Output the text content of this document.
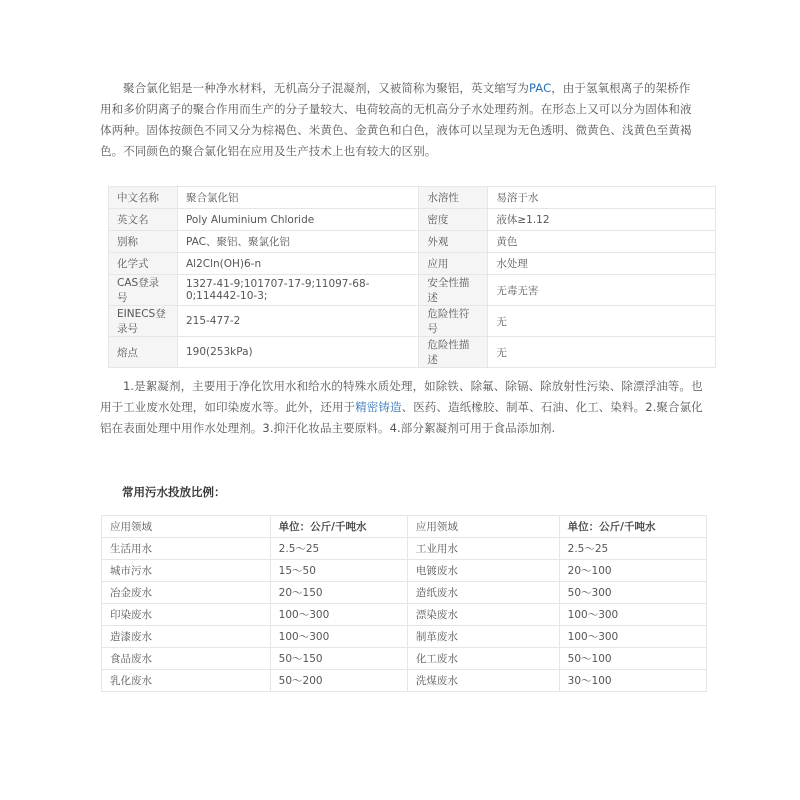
聚合氯化铝是一种净水材料，无机高分子混凝剂，又被简称为聚铝，英文缩写为PAC，由于氢氧根离子的架桥作用和多价阴离子的聚合作用而生产的分子量较大、电荷较高的无机高分子水处理药剂。在形态上又可以分为固体和液体两种。固体按颜色不同又分为棕褐色、米黄色、金黄色和白色，液体可以呈现为无色透明、微黄色、浅黄色至黄褐色。不同颜色的聚合氯化铝在应用及生产技术上也有较大的区别。

中文名称	聚合氯化铝	水溶性	易溶于水
英文名	Poly Aluminium Chloride	密度	液体≥1.12
别称	PAC、聚铝、聚氯化铝	外观	黄色
化学式	Al2Cln(OH)6-n	应用	水处理
CAS登录号	1327-41-9;101707-17-9;11097-68-0;114442-10-3;	安全性描述	无毒无害
EINECS登录号	215-477-2	危险性符号	无
熔点	190(253kPa)	危险性描述	无

1.是絮凝剂，主要用于净化饮用水和给水的特殊水质处理，如除铁、除氟、除镉、除放射性污染、除漂浮油等。也用于工业废水处理，如印染废水等。此外，还用于精密铸造、医药、造纸橡胶、制革、石油、化工、染料。2.聚合氯化铝在表面处理中用作水处理剂。3.抑汗化妆品主要原料。4.部分絮凝剂可用于食品添加剂.

常用污水投放比例：
应用领域	单位：公斤/千吨水	应用领域	单位：公斤/千吨水
生活用水	2.5～25	工业用水	2.5～25
城市污水	15～50	电镀废水	20～100
冶金废水	20～150	造纸废水	50～300
印染废水	100～300	漂染废水	100～300
造漆废水	100～300	制革废水	100～300
食品废水	50～150	化工废水	50～100
乳化废水	50～200	洗煤废水	30～100
